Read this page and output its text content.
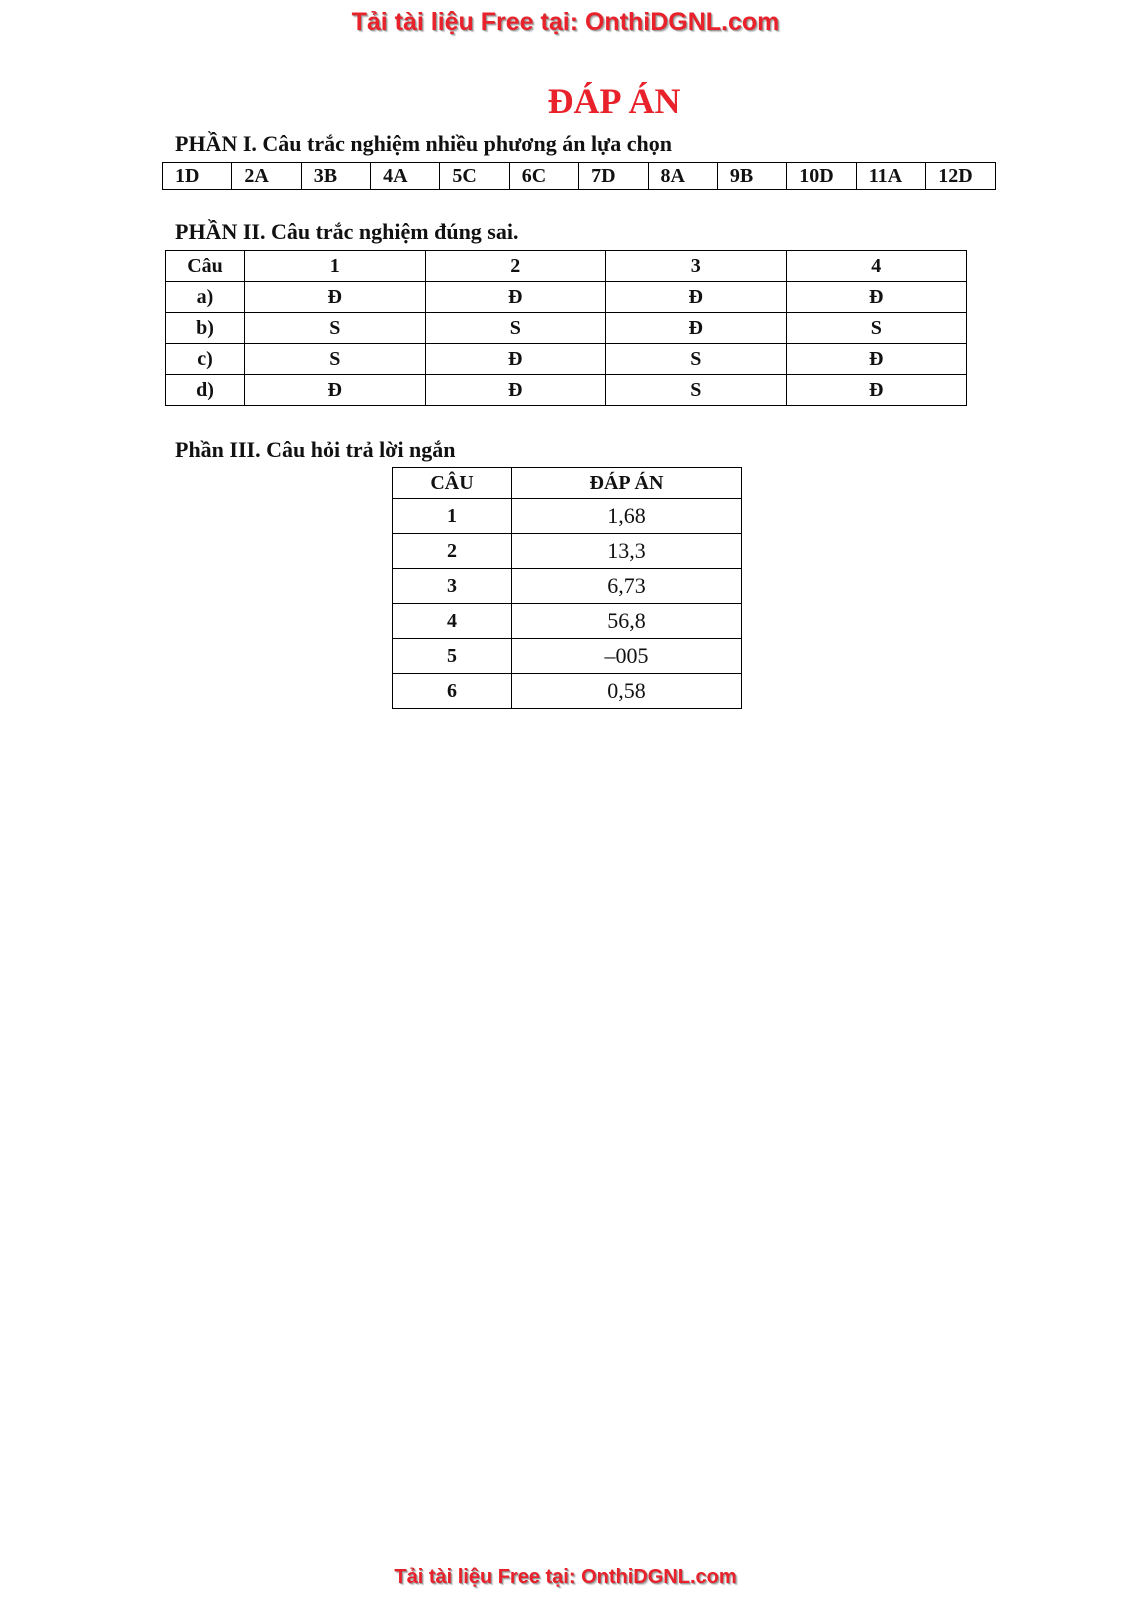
Tải tài liệu Free tại: OnthiDGNL.com
ĐÁP ÁN

PHẦN I. Câu trắc nghiệm nhiều phương án lựa chọn

1D	2A	3B	4A	5C	6C	7D	8A	9B	10D	11A	12D

PHẦN II. Câu trắc nghiệm đúng sai.

Câu	1	2	3	4
a)	Đ	Đ	Đ	Đ
b)	S	S	Đ	S
c)	S	Đ	S	Đ
d)	Đ	Đ	S	Đ

Phần III. Câu hỏi trả lời ngắn

CÂU	ĐÁP ÁN
1	1,68
2	13,3
3	6,73
4	56,8
5	–005
6	0,58
Tải tài liệu Free tại: OnthiDGNL.com
